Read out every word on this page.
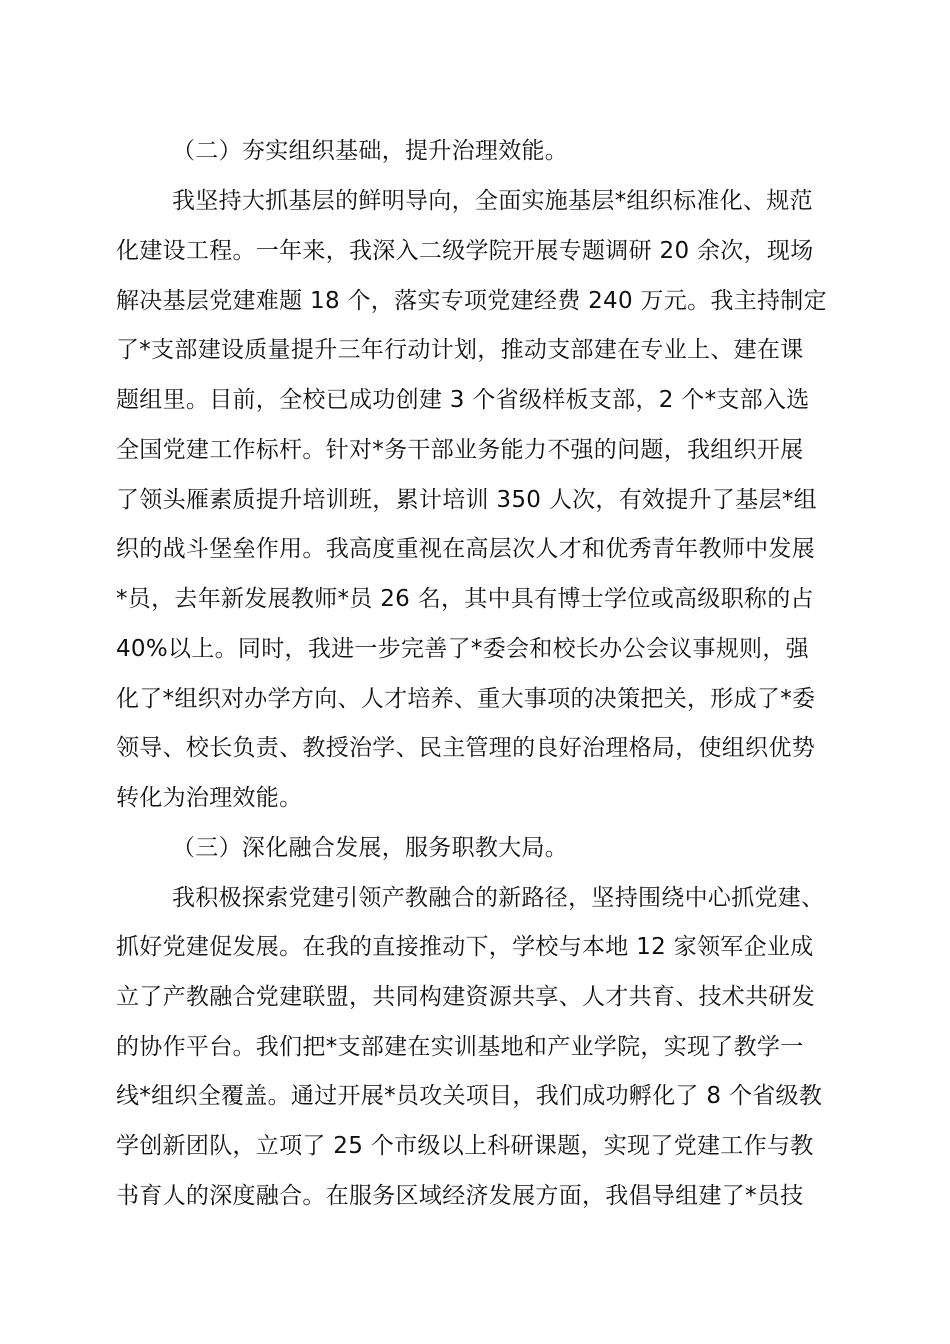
（二）夯实组织基础，提升治理效能。
我坚持大抓基层的鲜明导向，全面实施基层*组织标准化、规范
化建设工程。一年来，我深入二级学院开展专题调研 20 余次，现场
解决基层党建难题 18 个，落实专项党建经费 240 万元。我主持制定
了*支部建设质量提升三年行动计划，推动支部建在专业上、建在课
题组里。目前，全校已成功创建 3 个省级样板支部，2 个*支部入选
全国党建工作标杆。针对*务干部业务能力不强的问题，我组织开展
了领头雁素质提升培训班，累计培训 350 人次，有效提升了基层*组
织的战斗堡垒作用。我高度重视在高层次人才和优秀青年教师中发展
*员，去年新发展教师*员 26 名，其中具有博士学位或高级职称的占
40%以上。同时，我进一步完善了*委会和校长办公会议事规则，强
化了*组织对办学方向、人才培养、重大事项的决策把关，形成了*委
领导、校长负责、教授治学、民主管理的良好治理格局，使组织优势
转化为治理效能。
（三）深化融合发展，服务职教大局。
我积极探索党建引领产教融合的新路径，坚持围绕中心抓党建、
抓好党建促发展。在我的直接推动下，学校与本地 12 家领军企业成
立了产教融合党建联盟，共同构建资源共享、人才共育、技术共研发
的协作平台。我们把*支部建在实训基地和产业学院，实现了教学一
线*组织全覆盖。通过开展*员攻关项目，我们成功孵化了 8 个省级教
学创新团队，立项了 25 个市级以上科研课题，实现了党建工作与教
书育人的深度融合。在服务区域经济发展方面，我倡导组建了*员技
